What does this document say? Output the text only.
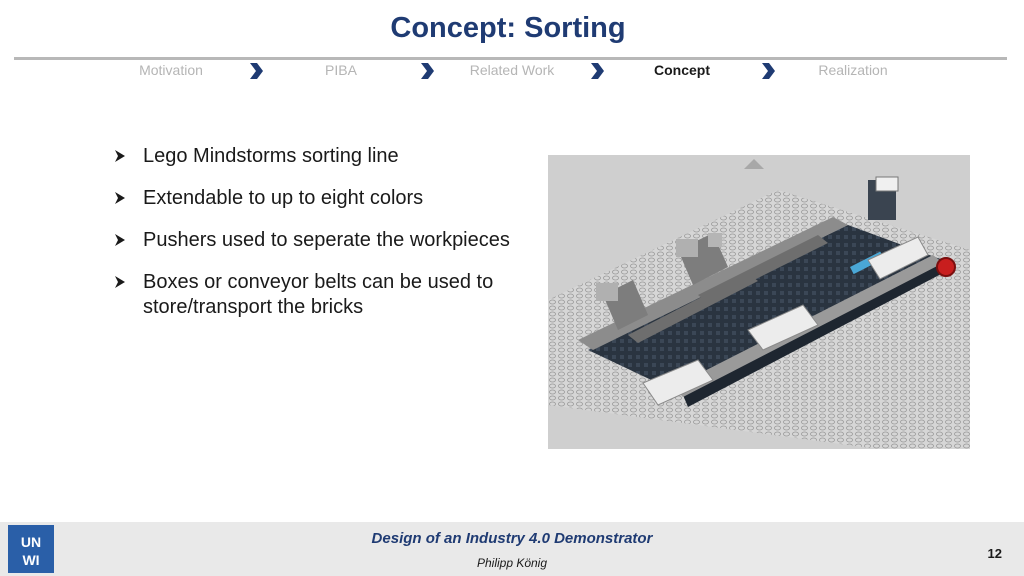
Concept: Sorting
Motivation	PIBA	Related Work	Concept	Realization
Lego Mindstorms sorting line
Extendable to up to eight colors
Pushers used to seperate the workpieces
Boxes or conveyor belts can be used to store/transport the bricks
UN
WI
Design of an Industry 4.0 Demonstrator
Philipp König
12
